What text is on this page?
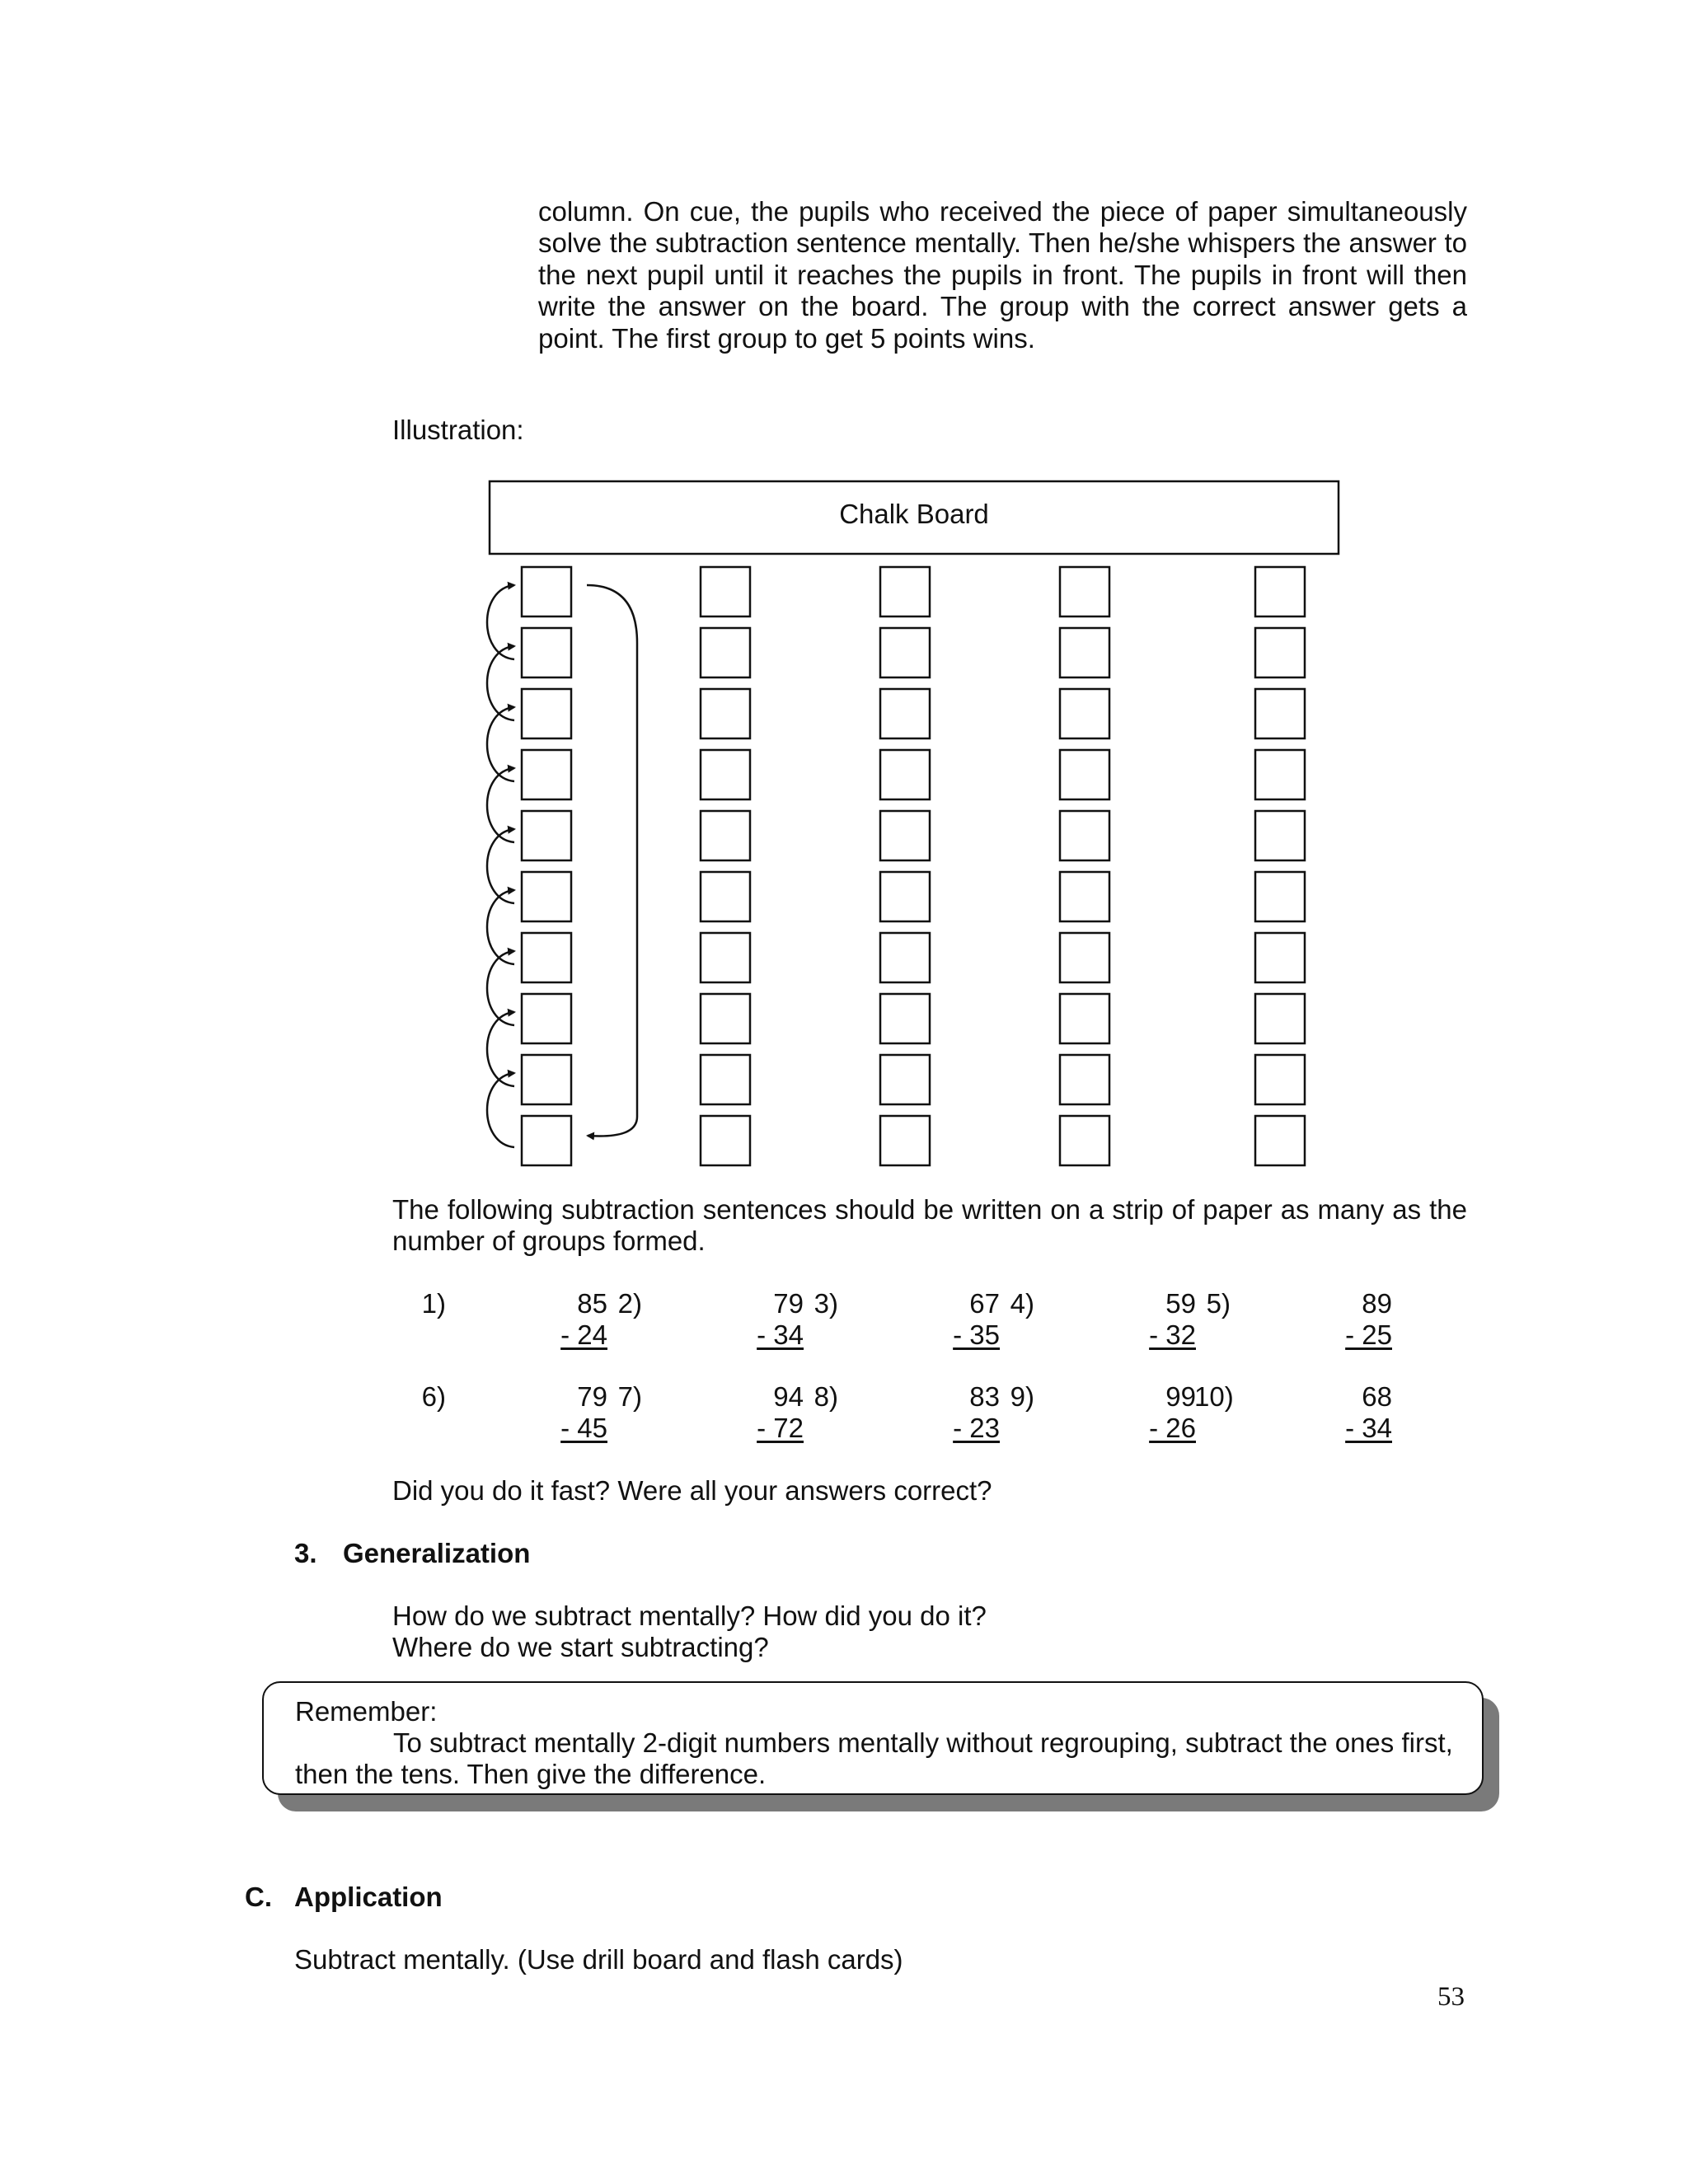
column. On cue, the pupils who received the piece of paper simultaneously solve the subtraction sentence mentally. Then he/she whispers the answer to the next pupil until it reaches the pupils in front. The pupils in front will then write the answer on the board. The group with the correct answer gets a point. The first group to get 5 points wins.
Illustration:
Chalk Board
The following subtraction sentences should be written on a strip of paper as many as the number of groups formed.
1)	85
- 24
2)	79
- 34
3)	67
- 35
4)	59
- 32
5)	89
- 25
6)	79
- 45
7)	94
- 72
8)	83
- 23
9)	99
- 26
10)	68
- 34
Did you do it fast? Were all your answers correct?
3. Generalization
How do we subtract mentally? How did you do it?
Where do we start subtracting?
Remember:
To subtract mentally 2-digit numbers mentally without regrouping, subtract the ones first,
then the tens. Then give the difference.
C. Application
Subtract mentally. (Use drill board and flash cards)
53
